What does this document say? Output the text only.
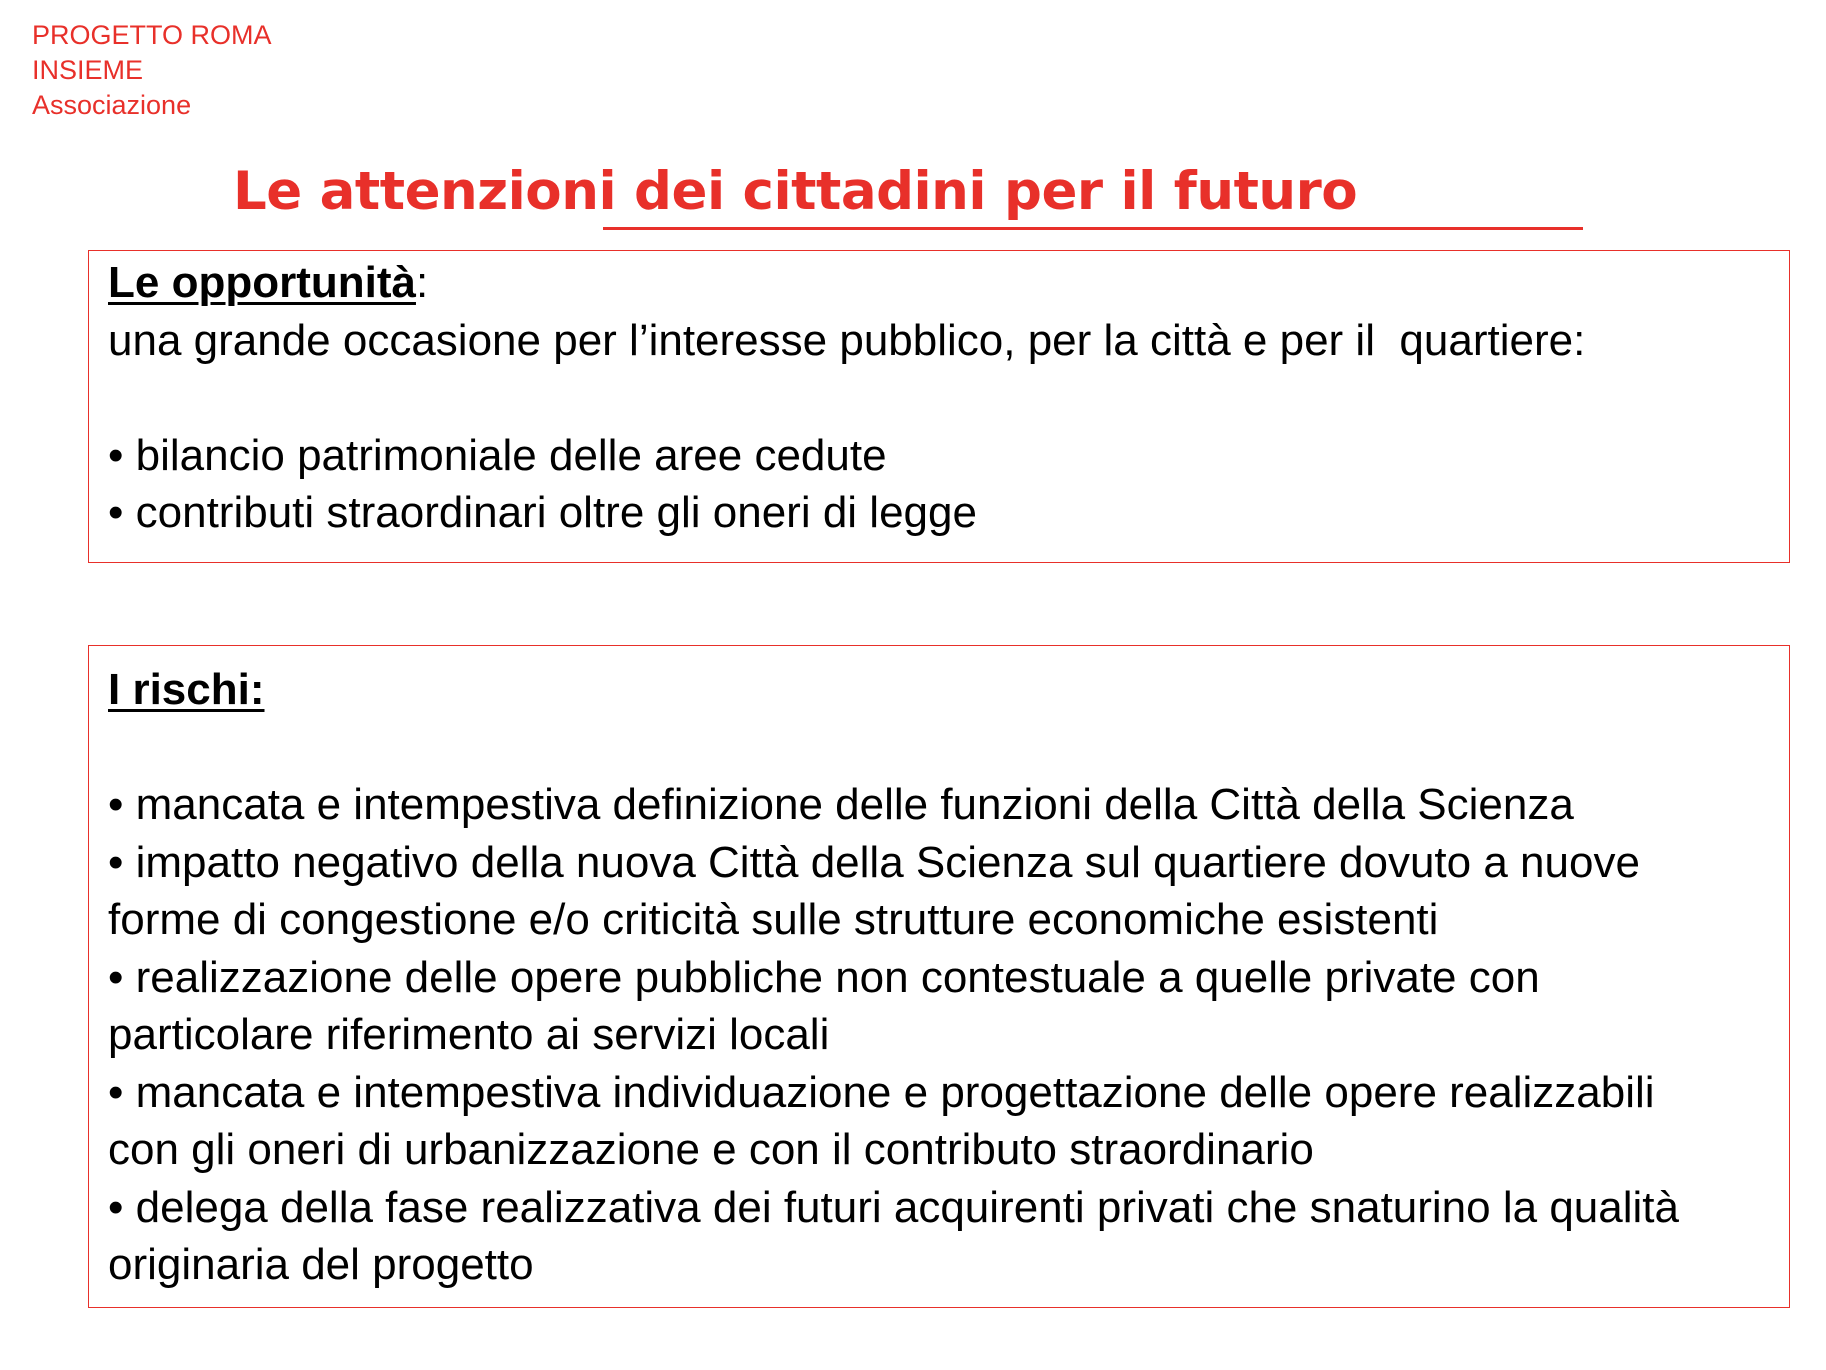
PROGETTO ROMA
INSIEME
Associazione
Le attenzioni dei cittadini per il futuro
Le opportunità:
una grande occasione per l’interesse pubblico, per la città e per il  quartiere:
• bilancio patrimoniale delle aree cedute
• contributi straordinari oltre gli oneri di legge
I rischi:
• mancata e intempestiva definizione delle funzioni della Città della Scienza
• impatto negativo della nuova Città della Scienza sul quartiere dovuto a nuove forme di congestione e/o criticità sulle strutture economiche esistenti
• realizzazione delle opere pubbliche non contestuale a quelle private con particolare riferimento ai servizi locali
• mancata e intempestiva individuazione e progettazione delle opere realizzabili con gli oneri di urbanizzazione e con il contributo straordinario
• delega della fase realizzativa dei futuri acquirenti privati che snaturino la qualità originaria del progetto
